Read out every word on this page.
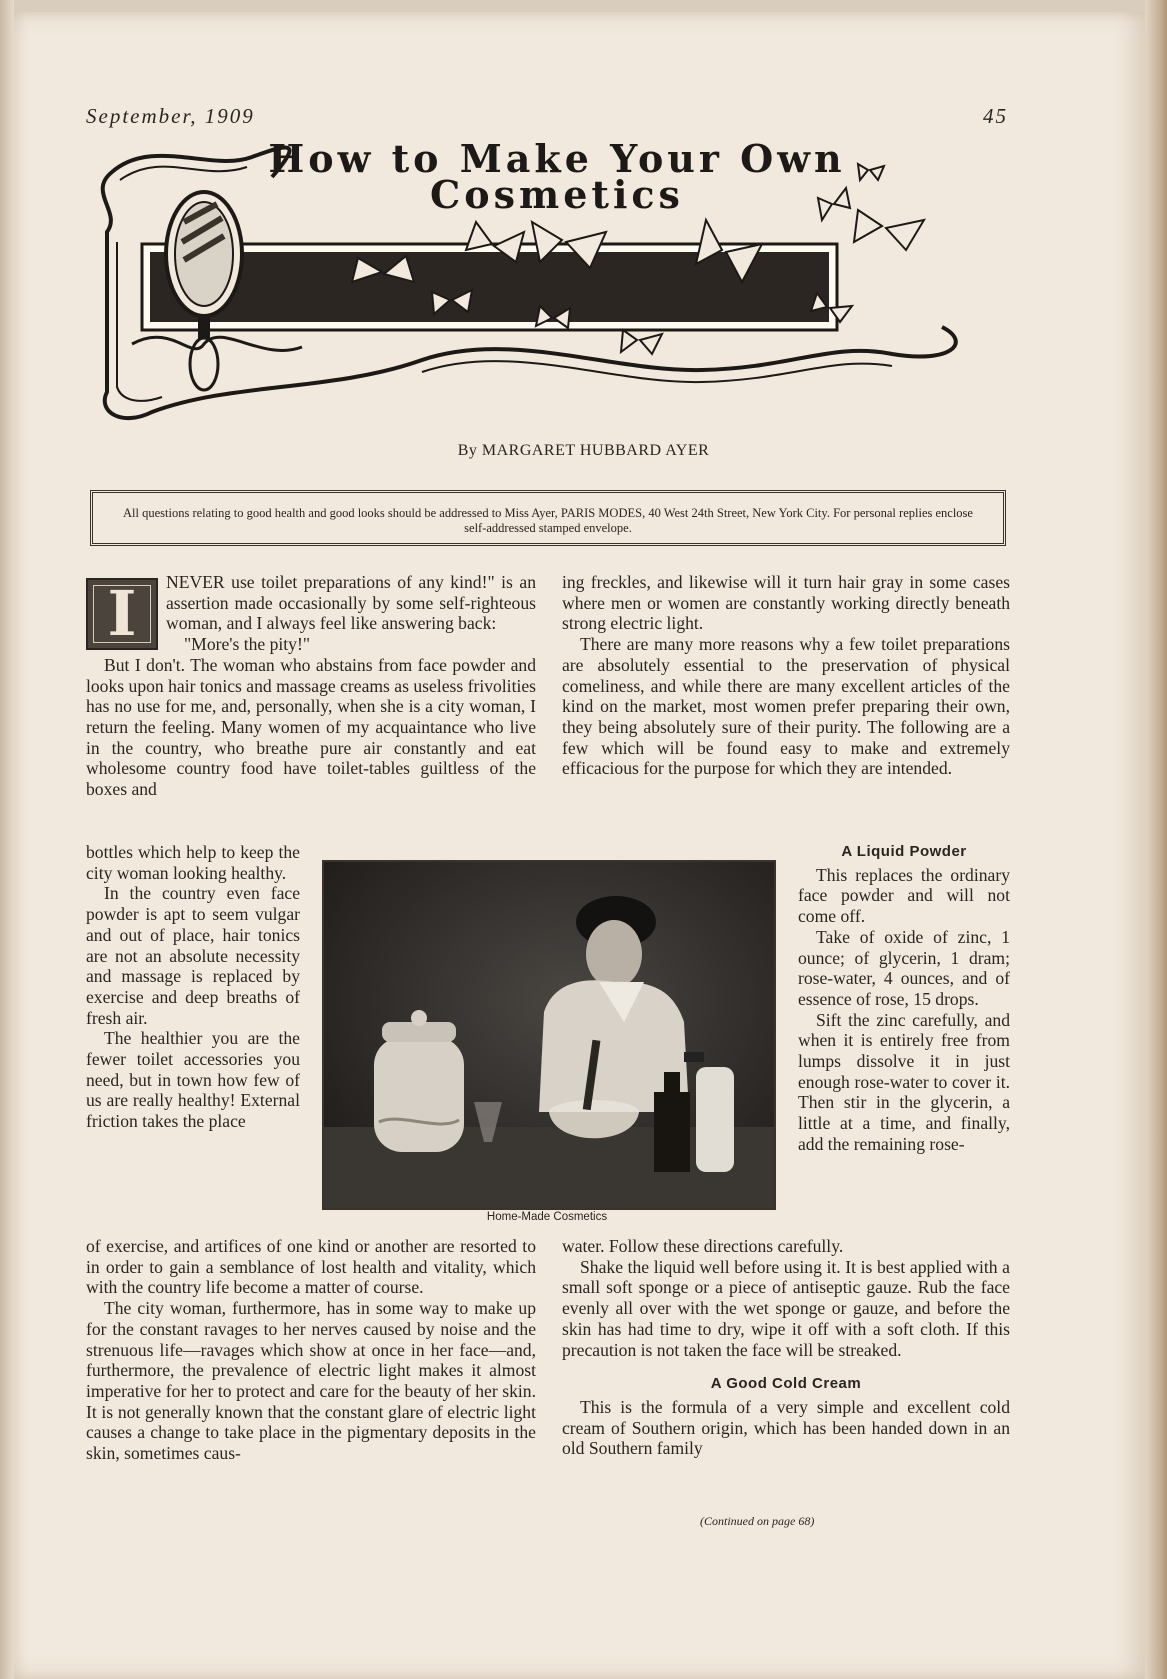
September, 1909	45
How to Make Your Own
Cosmetics
By MARGARET HUBBARD AYER
All questions relating to good health and good looks should be addressed to Miss Ayer, PARIS MODES, 40 West 24th Street, New York City. For personal replies enclose self-addressed stamped envelope.
I	NEVER use toilet preparations of any kind!" is an assertion made occasionally by some self-righteous woman, and I always feel like answering back:

"More's the pity!"

But I don't. The woman who abstains from face powder and looks upon hair tonics and massage creams as useless frivolities has no use for me, and, personally, when she is a city woman, I return the feeling. Many women of my acquaintance who live in the country, who breathe pure air constantly and eat wholesome country food have toilet-tables guiltless of the boxes and

bottles which help to keep the city woman looking healthy.

In the country even face powder is apt to seem vulgar and out of place, hair tonics are not an absolute necessity and massage is replaced by exercise and deep breaths of fresh air.

The healthier you are the fewer toilet accessories you need, but in town how few of us are really healthy! External friction takes the place

of exercise, and artifices of one kind or another are resorted to in order to gain a semblance of lost health and vitality, which with the country life become a matter of course.

The city woman, furthermore, has in some way to make up for the constant ravages to her nerves caused by noise and the strenuous life—ravages which show at once in her face—and, furthermore, the prevalence of electric light makes it almost imperative for her to protect and care for the beauty of her skin. It is not generally known that the constant glare of electric light causes a change to take place in the pigmentary deposits in the skin, sometimes caus-

ing freckles, and likewise will it turn hair gray in some cases where men or women are constantly working directly beneath strong electric light.

There are many more reasons why a few toilet preparations are absolutely essential to the preservation of physical comeliness, and while there are many excellent articles of the kind on the market, most women prefer preparing their own, they being absolutely sure of their purity. The following are a few which will be found easy to make and extremely efficacious for the purpose for which they are intended.

A Liquid Powder

This replaces the ordinary face powder and will not come off.

Take of oxide of zinc, 1 ounce; of glycerin, 1 dram; rose-water, 4 ounces, and of essence of rose, 15 drops.

Sift the zinc carefully, and when it is entirely free from lumps dissolve it in just enough rose-water to cover it. Then stir in the glycerin, a little at a time, and finally, add the remaining rose-

water. Follow these directions carefully.

Shake the liquid well before using it. It is best applied with a small soft sponge or a piece of antiseptic gauze. Rub the face evenly all over with the wet sponge or gauze, and before the skin has had time to dry, wipe it off with a soft cloth. If this precaution is not taken the face will be streaked.

A Good Cold Cream

This is the formula of a very simple and excellent cold cream of Southern origin, which has been handed down in an old Southern family

Home-Made Cosmetics
(Continued on page 68)
